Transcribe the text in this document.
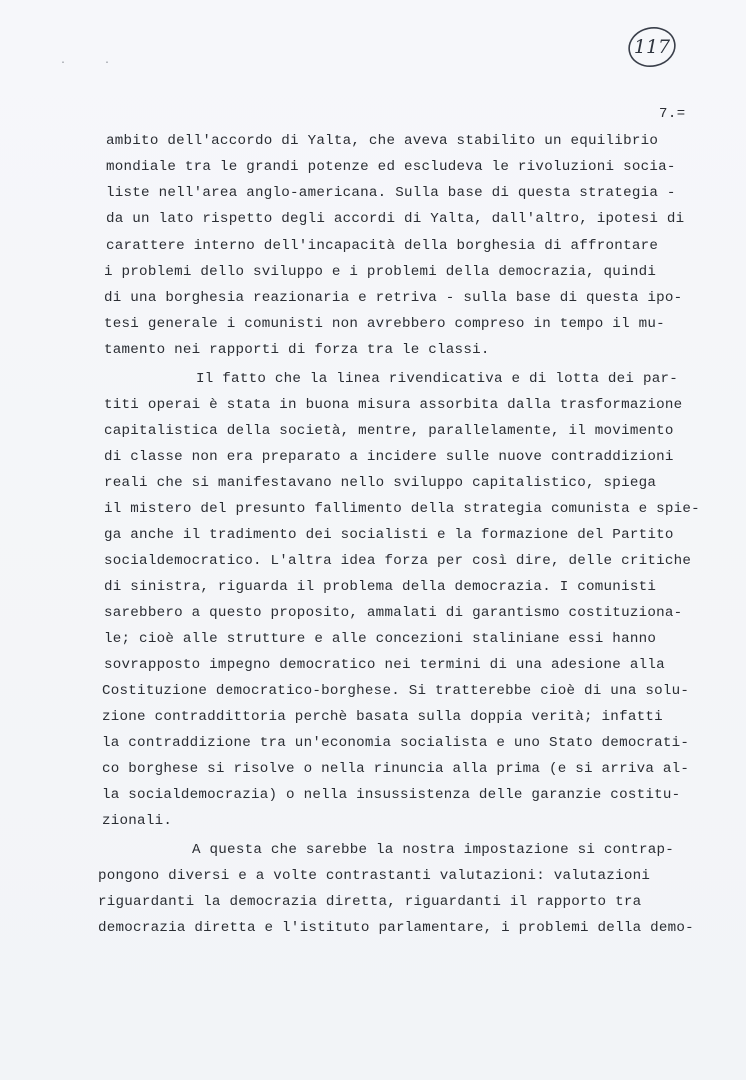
· ·
117
7.=
ambito dell'accordo di Yalta, che aveva stabilito un equilibrio
mondiale tra le grandi potenze ed escludeva le rivoluzioni socia-
liste nell'area anglo-americana. Sulla base di questa strategia -
da un lato rispetto degli accordi di Yalta, dall'altro, ipotesi di
carattere interno dell'incapacità della borghesia di affrontare
i problemi dello sviluppo e i problemi della democrazia, quindi
di una borghesia reazionaria e retriva - sulla base di questa ipo-
tesi generale i comunisti non avrebbero compreso in tempo il mu-
tamento nei rapporti di forza tra le classi.
Il fatto che la linea rivendicativa e di lotta dei par-
titi operai è stata in buona misura assorbita dalla trasformazione
capitalistica della società, mentre, parallelamente, il movimento
di classe non era preparato a incidere sulle nuove contraddizioni
reali che si manifestavano nello sviluppo capitalistico, spiega
il mistero del presunto fallimento della strategia comunista e spie-
ga anche il tradimento dei socialisti e la formazione del Partito
socialdemocratico. L'altra idea forza per così dire, delle critiche
di sinistra, riguarda il problema della democrazia. I comunisti
sarebbero a questo proposito, ammalati di garantismo costituziona-
le; cioè alle strutture e alle concezioni staliniane essi hanno
sovrapposto impegno democratico nei termini di una adesione alla
Costituzione democratico-borghese. Si tratterebbe cioè di una solu-
zione contraddittoria perchè basata sulla doppia verità; infatti
la contraddizione tra un'economia socialista e uno Stato democrati-
co borghese si risolve o nella rinuncia alla prima (e si arriva al-
la socialdemocrazia) o nella insussistenza delle garanzie costitu-
zionali.
A questa che sarebbe la nostra impostazione si contrap-
pongono diversi e a volte contrastanti valutazioni: valutazioni
riguardanti la democrazia diretta, riguardanti il rapporto tra
democrazia diretta e l'istituto parlamentare, i problemi della demo-
